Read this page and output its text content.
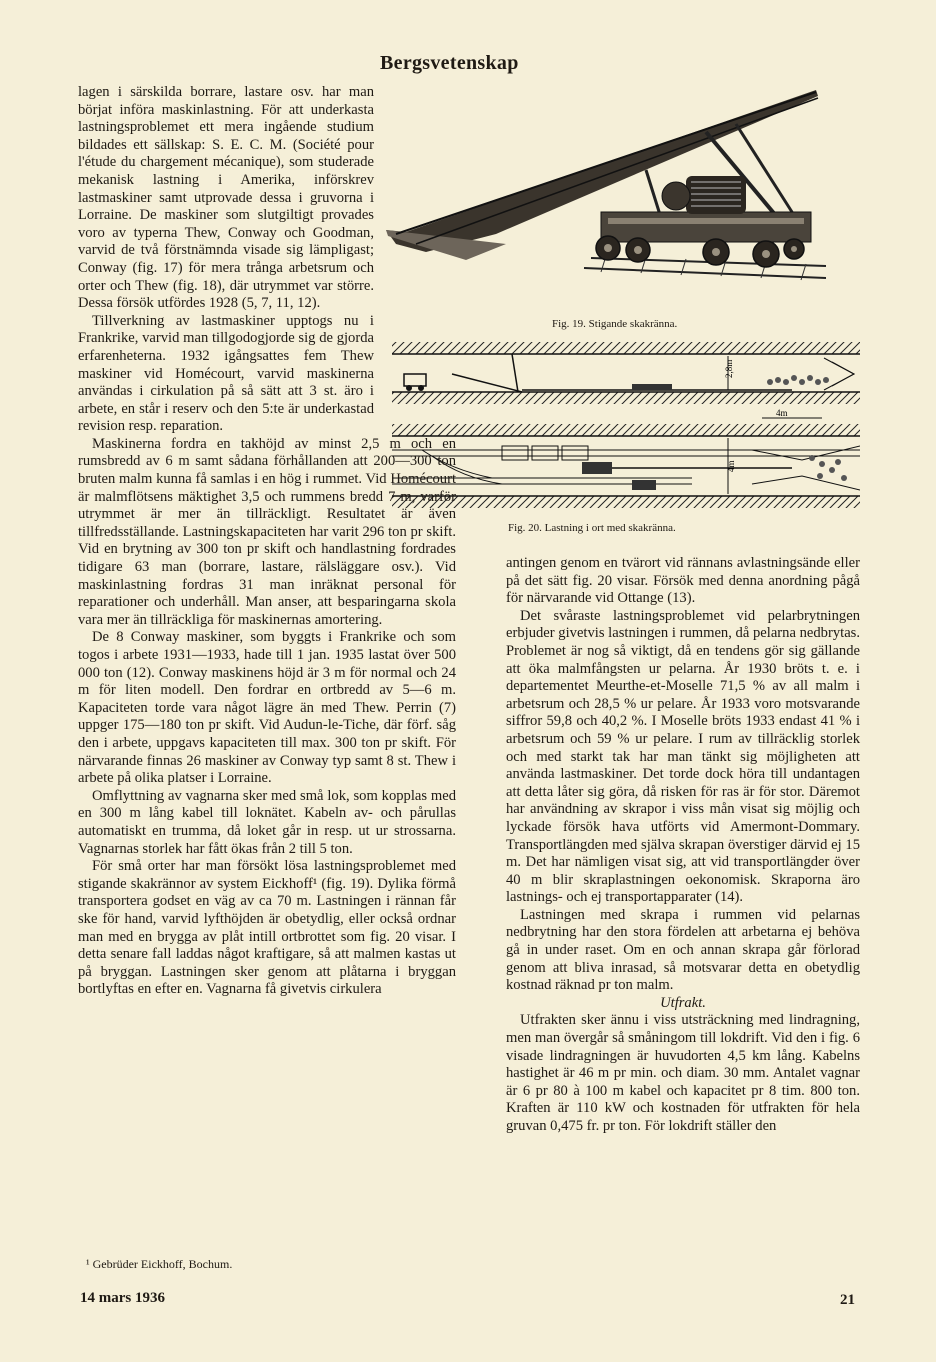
Bergsvetenskap
Fig. 19. Stigande skakränna.
2,8m
4m
4m
Fig. 20. Lastning i ort med skakränna.

lagen i särskilda borrare, lastare osv. har man börjat införa maskinlastning. För att underkasta lastningsproblemet ett mera ingående studium bildades ett sällskap: S. E. C. M. (Société pour l'étude du chargement mécanique), som studerade mekanisk lastning i Amerika, införskrev lastmaskiner samt utprovade dessa i gruvorna i Lorraine. De maskiner som slutgiltigt provades voro av typerna Thew, Conway och Goodman, varvid de två förstnämnda visade sig lämpligast; Conway (fig. 17) för mera trånga arbetsrum och orter och Thew (fig. 18), där utrymmet var större. Dessa försök utfördes 1928 (5, 7, 11, 12).

Tillverkning av lastmaskiner upptogs nu i Frankrike, varvid man tillgodogjorde sig de gjorda erfarenheterna. 1932 igångsattes fem Thew maskiner vid Homécourt, varvid maskinerna användas i cirkulation på så sätt att 3 st. äro i arbete, en står i reserv och den 5:te är underkastad revision resp. reparation.

Maskinerna fordra en takhöjd av minst 2,5 m och en rumsbredd av 6 m samt sådana förhållanden att 200—300 ton bruten malm kunna få samlas i en hög i rummet. Vid Homécourt är malmflötsens mäktighet 3,5 och rummens bredd 7 m, varför utrymmet är mer än tillräckligt. Resultatet är även tillfredsställande. Lastningskapaciteten har varit 296 ton pr skift. Vid en brytning av 300 ton pr skift och handlastning fordrades tidigare 63 man (borrare, lastare, rälsläggare osv.). Vid maskinlastning fordras 31 man inräknat personal för reparationer och underhåll. Man anser, att besparingarna skola vara mer än tillräckliga för maskinernas amortering.

De 8 Conway maskiner, som byggts i Frankrike och som togos i arbete 1931—1933, hade till 1 jan. 1935 lastat över 500 000 ton (12). Conway maskinens höjd är 3 m för normal och 24 m för liten modell. Den fordrar en ortbredd av 5—6 m. Kapaciteten torde vara något lägre än med Thew. Perrin (7) uppger 175—180 ton pr skift. Vid Audun-le-Tiche, där förf. såg den i arbete, uppgavs kapaciteten till max. 300 ton pr skift. För närvarande finnas 26 maskiner av Conway typ samt 8 st. Thew i arbete på olika platser i Lorraine.

Omflyttning av vagnarna sker med små lok, som kopplas med en 300 m lång kabel till loknätet. Kabeln av- och pårullas automatiskt en trumma, då loket går in resp. ut ur strossarna. Vagnarnas storlek har fått ökas från 2 till 5 ton.

För små orter har man försökt lösa lastningsproblemet med stigande skakrännor av system Eickhoff¹ (fig. 19). Dylika förmå transportera godset en väg av ca 70 m. Lastningen i rännan får ske för hand, varvid lyfthöjden är obetydlig, eller också ordnar man med en brygga av plåt intill ortbrottet som fig. 20 visar. I detta senare fall laddas något kraftigare, så att malmen kastas ut på bryggan. Lastningen sker genom att plåtarna i bryggan bortlyftas en efter en. Vagnarna få givetvis cirkulera

antingen genom en tvärort vid rännans avlastningsände eller på det sätt fig. 20 visar. Försök med denna anordning pågå för närvarande vid Ottange (13).

Det svåraste lastningsproblemet vid pelarbrytningen erbjuder givetvis lastningen i rummen, då pelarna nedbrytas. Problemet är nog så viktigt, då en tendens gör sig gällande att öka malmfångsten ur pelarna. År 1930 bröts t. e. i departementet Meurthe-et-Moselle 71,5 % av all malm i arbetsrum och 28,5 % ur pelare. År 1933 voro motsvarande siffror 59,8 och 40,2 %. I Moselle bröts 1933 endast 41 % i arbetsrum och 59 % ur pelare. I rum av tillräcklig storlek och med starkt tak har man tänkt sig möjligheten att använda lastmaskiner. Det torde dock höra till undantagen att detta låter sig göra, då risken för ras är för stor. Däremot har användning av skrapor i viss mån visat sig möjlig och lyckade försök hava utförts vid Amermont-Dommary. Transportlängden med själva skrapan överstiger därvid ej 15 m. Det har nämligen visat sig, att vid transportlängder över 40 m blir skraplastningen oekonomisk. Skraporna äro lastnings- och ej transportapparater (14).

Lastningen med skrapa i rummen vid pelarnas nedbrytning har den stora fördelen att arbetarna ej behöva gå in under raset. Om en och annan skrapa går förlorad genom att bliva inrasad, så motsvarar detta en obetydlig kostnad räknad pr ton malm.

Utfrakt.

Utfrakten sker ännu i viss utsträckning med lindragning, men man övergår så småningom till lokdrift. Vid den i fig. 6 visade lindragningen är huvudorten 4,5 km lång. Kabelns hastighet är 46 m pr min. och diam. 30 mm. Antalet vagnar är 6 pr 80 à 100 m kabel och kapacitet pr 8 tim. 800 ton. Kraften är 110 kW och kostnaden för utfrakten för hela gruvan 0,475 fr. pr ton. För lokdrift ställer den

¹ Gebrüder Eickhoff, Bochum.
14 mars 1936	21
